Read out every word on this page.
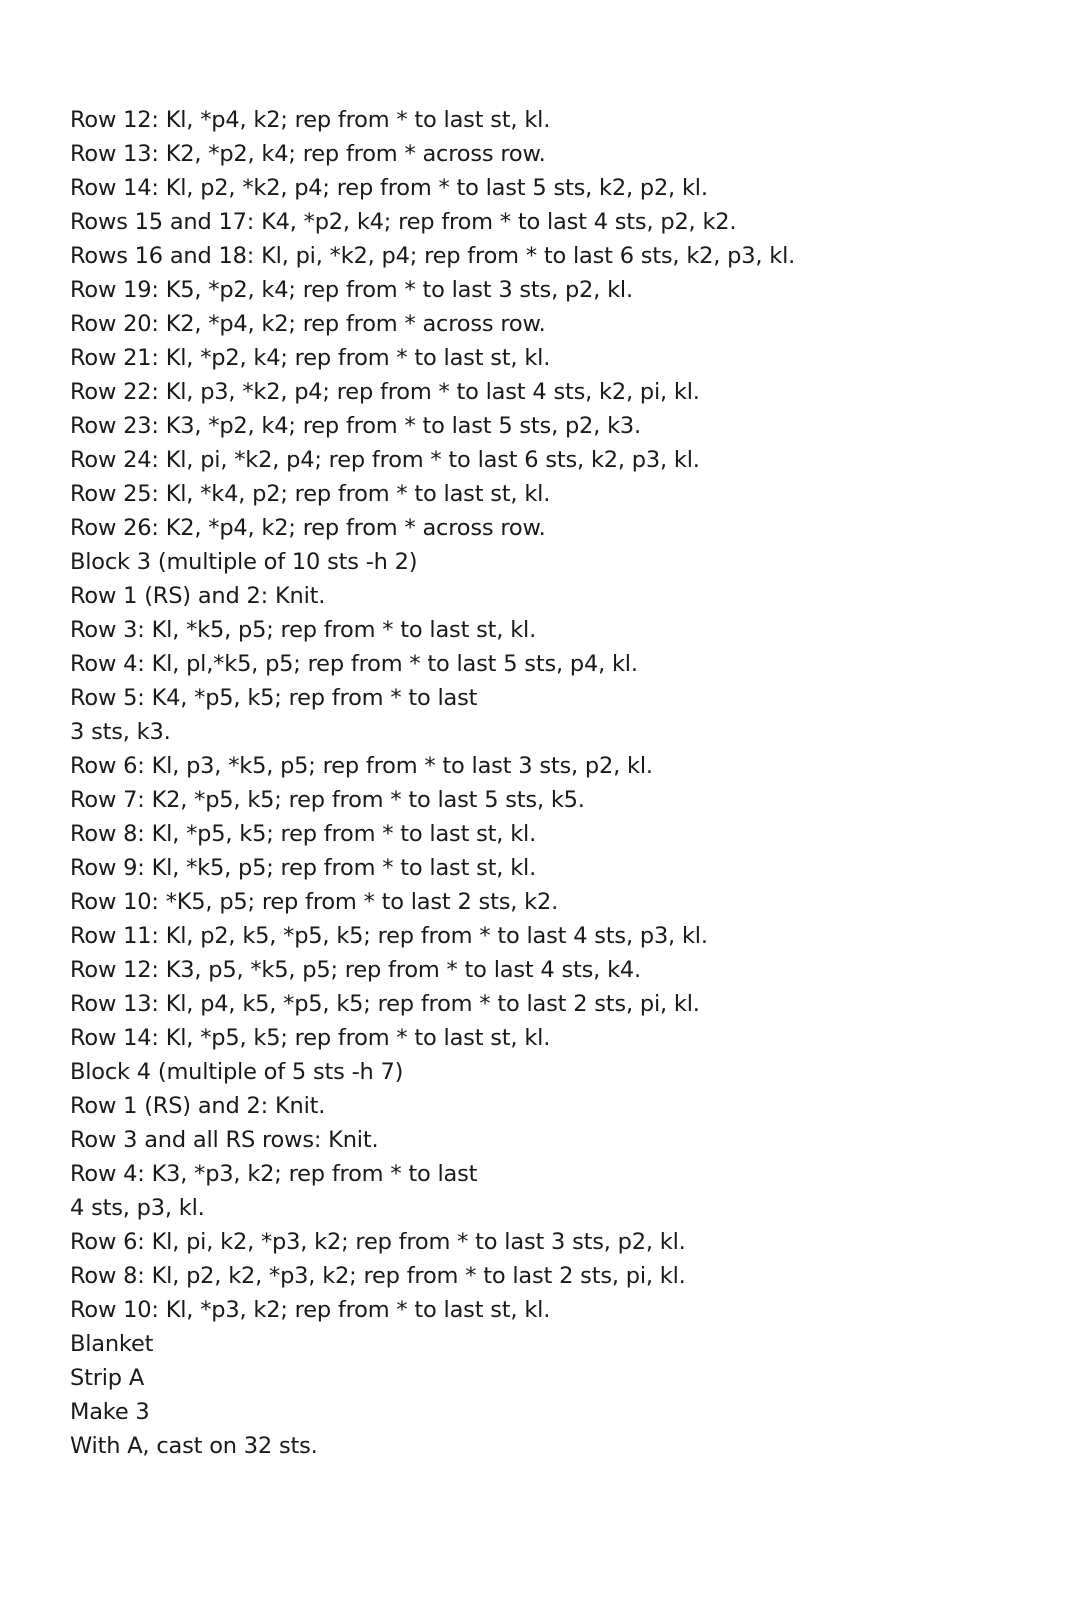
Row 12: Kl, *p4, k2; rep from * to last st, kl.
Row 13: K2, *p2, k4; rep from * across row.
Row 14: Kl, p2, *k2, p4; rep from * to last 5 sts, k2, p2, kl.
Rows 15 and 17: K4, *p2, k4; rep from * to last 4 sts, p2, k2.
Rows 16 and 18: Kl, pi, *k2, p4; rep from * to last 6 sts, k2, p3, kl.
Row 19: K5, *p2, k4; rep from * to last 3 sts, p2, kl.
Row 20: K2, *p4, k2; rep from * across row.
Row 21: Kl, *p2, k4; rep from * to last st, kl.
Row 22: Kl, p3, *k2, p4; rep from * to last 4 sts, k2, pi, kl.
Row 23: K3, *p2, k4; rep from * to last 5 sts, p2, k3.
Row 24: Kl, pi, *k2, p4; rep from * to last 6 sts, k2, p3, kl.
Row 25: Kl, *k4, p2; rep from * to last st, kl.
Row 26: K2, *p4, k2; rep from * across row.
Block 3 (multiple of 10 sts -h 2)
Row 1 (RS) and 2: Knit.
Row 3: Kl, *k5, p5; rep from * to last st, kl.
Row 4: Kl, pl,*k5, p5; rep from * to last 5 sts, p4, kl.
Row 5: K4, *p5, k5; rep from * to last
3 sts, k3.
Row 6: Kl, p3, *k5, p5; rep from * to last 3 sts, p2, kl.
Row 7: K2, *p5, k5; rep from * to last 5 sts, k5.
Row 8: Kl, *p5, k5; rep from * to last st, kl.
Row 9: Kl, *k5, p5; rep from * to last st, kl.
Row 10: *K5, p5; rep from * to last 2 sts, k2.
Row 11: Kl, p2, k5, *p5, k5; rep from * to last 4 sts, p3, kl.
Row 12: K3, p5, *k5, p5; rep from * to last 4 sts, k4.
Row 13: Kl, p4, k5, *p5, k5; rep from * to last 2 sts, pi, kl.
Row 14: Kl, *p5, k5; rep from * to last st, kl.
Block 4 (multiple of 5 sts -h 7)
Row 1 (RS) and 2: Knit.
Row 3 and all RS rows: Knit.
Row 4: K3, *p3, k2; rep from * to last
4 sts, p3, kl.
Row 6: Kl, pi, k2, *p3, k2; rep from * to last 3 sts, p2, kl.
Row 8: Kl, p2, k2, *p3, k2; rep from * to last 2 sts, pi, kl.
Row 10: Kl, *p3, k2; rep from * to last st, kl.
Blanket
Strip A
Make 3
With A, cast on 32 sts.
